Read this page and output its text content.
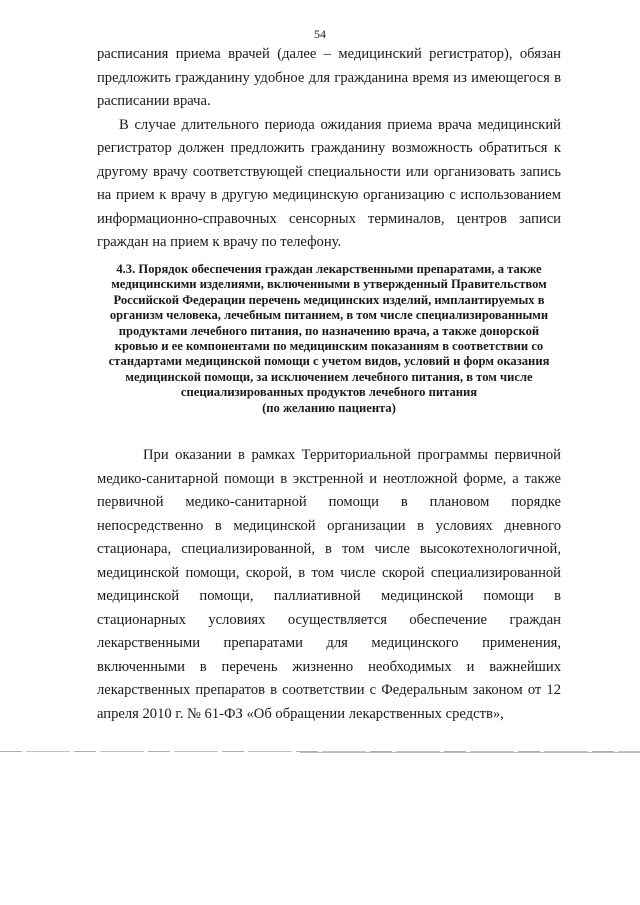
54

расписания приема врачей (далее – медицинский регистратор), обязан предложить гражданину удобное для гражданина время из имеющегося в расписании врача.

В случае длительного периода ожидания приема врача медицинский регистратор должен предложить гражданину возможность обратиться к другому врачу соответствующей специальности или организовать запись на прием к врачу в другую медицинскую организацию с использованием информационно-справочных сенсорных терминалов, центров записи граждан на прием к врачу по телефону.

4.3. Порядок обеспечения граждан лекарственными препаратами, а также медицинскими изделиями, включенными в утвержденный Правительством Российской Федерации перечень медицинских изделий, имплантируемых в организм человека, лечебным питанием, в том числе специализированными продуктами лечебного питания, по назначению врача, а также донорской кровью и ее компонентами по медицинским показаниям в соответствии со стандартами медицинской помощи с учетом видов, условий и форм оказания медицинской помощи, за исключением лечебного питания, в том числе специализированных продуктов лечебного питания
(по желанию пациента)

При оказании в рамках Территориальной программы первичной медико-санитарной помощи в экстренной и неотложной форме, а также первичной медико-санитарной помощи в плановом порядке непосредственно в медицинской организации в условиях дневного стационара, специализированной, в том числе высокотехнологичной, медицинской помощи, скорой, в том числе скорой специализированной медицинской помощи, паллиативной медицинской помощи в стационарных условиях осуществляется обеспечение граждан лекарственными препаратами для медицинского применения, включенными в перечень жизненно необходимых и важнейших лекарственных препаратов в соответствии с Федеральным законом от 12 апреля 2010 г. № 61-ФЗ «Об обращении лекарственных средств»,
